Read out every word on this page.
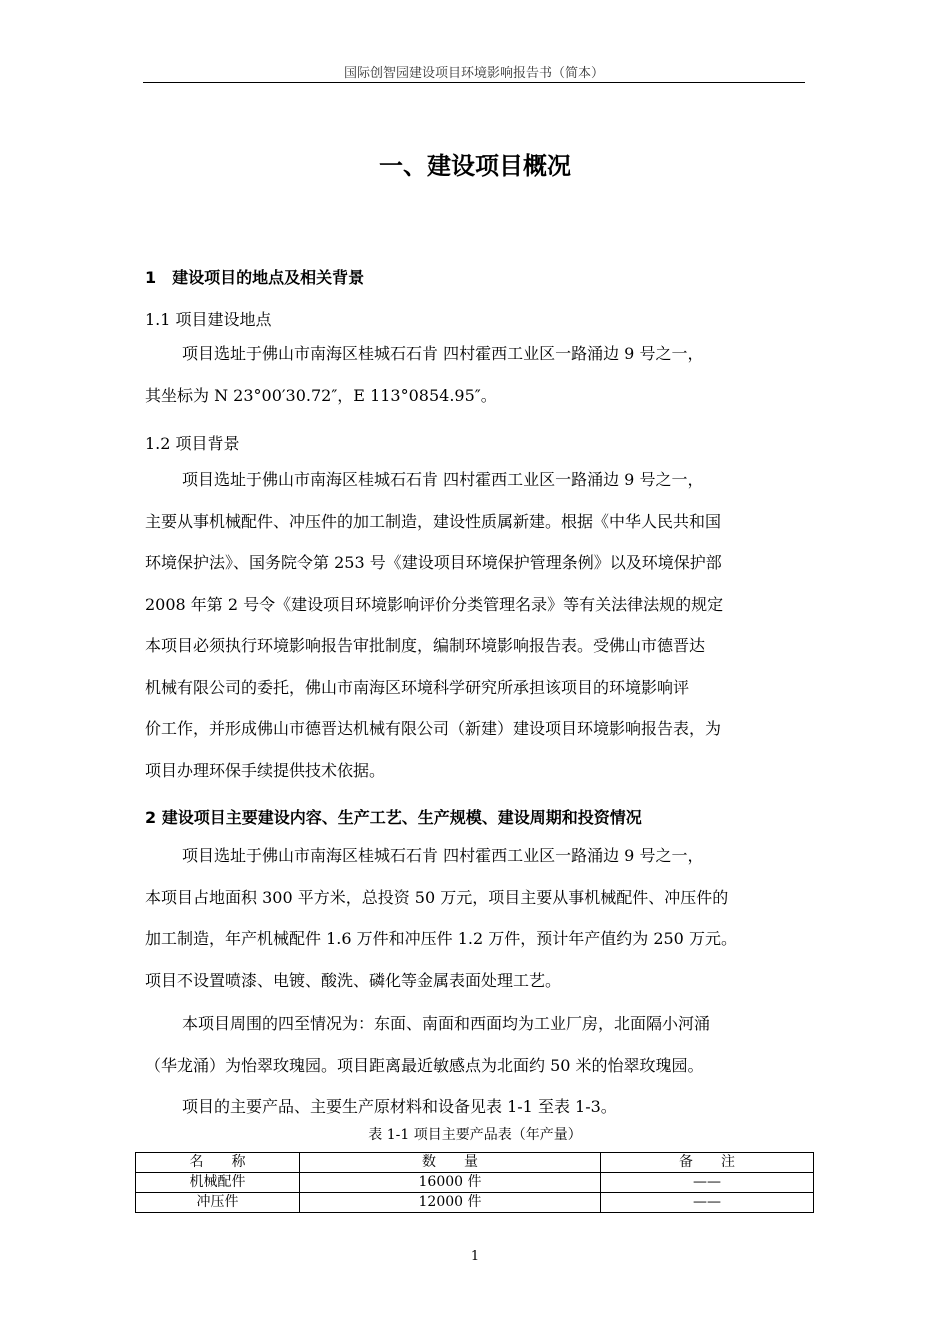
国际创智园建设项目环境影响报告书（简本）
一、建设项目概况
1　建设项目的地点及相关背景
1.1 项目建设地点
项目选址于佛山市南海区桂城石石肯 四村霍西工业区一路涌边 9 号之一，
其坐标为 N 23°00′30.72″，E 113°0854.95″。
1.2 项目背景
项目选址于佛山市南海区桂城石石肯 四村霍西工业区一路涌边 9 号之一，
主要从事机械配件、冲压件的加工制造，建设性质属新建。根据《中华人民共和国
环境保护法》、国务院令第 253 号《建设项目环境保护管理条例》以及环境保护部
2008 年第 2 号令《建设项目环境影响评价分类管理名录》等有关法律法规的规定
本项目必须执行环境影响报告审批制度，编制环境影响报告表。受佛山市德晋达
机械有限公司的委托，佛山市南海区环境科学研究所承担该项目的环境影响评
价工作，并形成佛山市德晋达机械有限公司（新建）建设项目环境影响报告表，为
项目办理环保手续提供技术依据。
2 建设项目主要建设内容、生产工艺、生产规模、建设周期和投资情况
项目选址于佛山市南海区桂城石石肯 四村霍西工业区一路涌边 9 号之一，
本项目占地面积 300 平方米，总投资 50 万元，项目主要从事机械配件、冲压件的
加工制造，年产机械配件 1.6 万件和冲压件 1.2 万件，预计年产值约为 250 万元。
项目不设置喷漆、电镀、酸洗、磷化等金属表面处理工艺。
本项目周围的四至情况为：东面、南面和西面均为工业厂房，北面隔小河涌
（华龙涌）为怡翠玫瑰园。项目距离最近敏感点为北面约 50 米的怡翠玫瑰园。
项目的主要产品、主要生产原材料和设备见表 1-1 至表 1-3。
表 1-1 项目主要产品表（年产量）
名　　称	数　　量	备　　注
机械配件	16000 件	——
冲压件	12000 件	——
1
